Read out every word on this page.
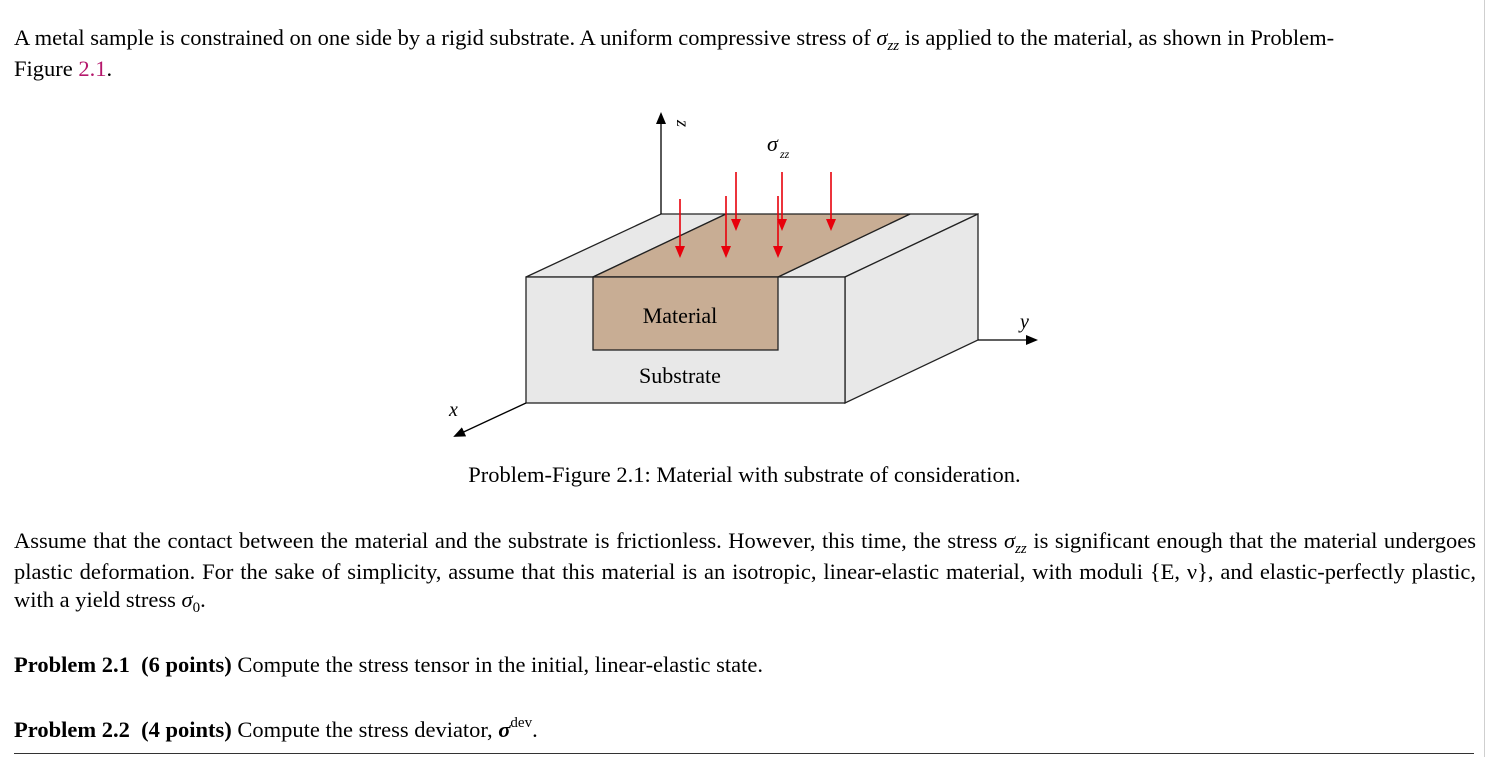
A metal sample is constrained on one side by a rigid substrate. A uniform compressive stress of $\sigma_{zz}$ is applied to the material, as shown in Problem-
Figure 2.1.
z
y
x
σ zz
Material
Substrate
Problem-Figure 2.1: Material with substrate of consideration.
Assume that the contact between the material and the substrate is frictionless. However, this time, the stress $\sigma_{zz}$ is significant enough that the material undergoes plastic deformation. For the sake of simplicity, assume that this material is an isotropic, linear-elastic material, with moduli {E, ν}, and elastic-perfectly plastic, with a yield stress $\sigma_0$.
Problem 2.1 (6 points) Compute the stress tensor in the initial, linear-elastic state.
Problem 2.2 (4 points) Compute the stress deviator, $\sigma^{dev}$.
